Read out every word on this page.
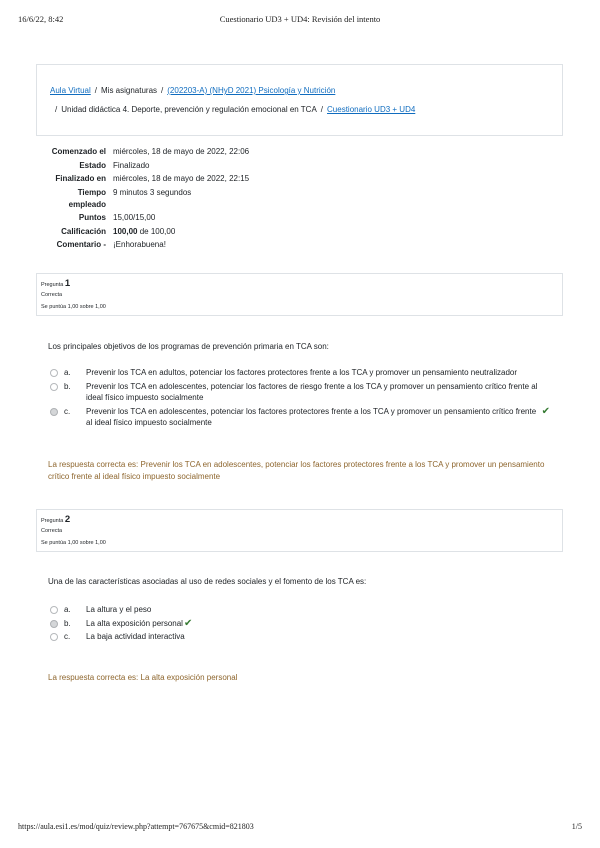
16/6/22, 8:42	Cuestionario UD3 + UD4: Revisión del intento
Aula Virtual / Mis asignaturas / (202203-A) (NHyD 2021) Psicología y Nutrición
/ Unidad didáctica 4. Deporte, prevención y regulación emocional en TCA / Cuestionario UD3 + UD4
Comenzado el miércoles, 18 de mayo de 2022, 22:06
Estado Finalizado
Finalizado en miércoles, 18 de mayo de 2022, 22:15
Tiempo
empleado
9 minutos 3 segundos
Puntos 15,00/15,00
Calificación 100,00 de 100,00
Comentario - ¡Enhorabuena!
Pregunta 1
Correcta
Se puntúa 1,00 sobre 1,00
Los principales objetivos de los programas de prevención primaria en TCA son:
a.	Prevenir los TCA en adultos, potenciar los factores protectores frente a los TCA y promover un pensamiento neutralizador
b.	Prevenir los TCA en adolescentes, potenciar los factores de riesgo frente a los TCA y promover un pensamiento crítico frente al ideal físico impuesto socialmente
c.	Prevenir los TCA en adolescentes, potenciar los factores protectores frente a los TCA y promover un pensamiento crítico frente al ideal físico impuesto socialmente
✔
La respuesta correcta es: Prevenir los TCA en adolescentes, potenciar los factores protectores frente a los TCA y promover un pensamiento crítico frente al ideal físico impuesto socialmente
Pregunta 2
Correcta
Se puntúa 1,00 sobre 1,00
Una de las características asociadas al uso de redes sociales y el fomento de los TCA es:
a.	La altura y el peso
b.	La alta exposición personal ✔
c.	La baja actividad interactiva
La respuesta correcta es: La alta exposición personal
https://aula.esi1.es/mod/quiz/review.php?attempt=767675&cmid=821803	1/5
